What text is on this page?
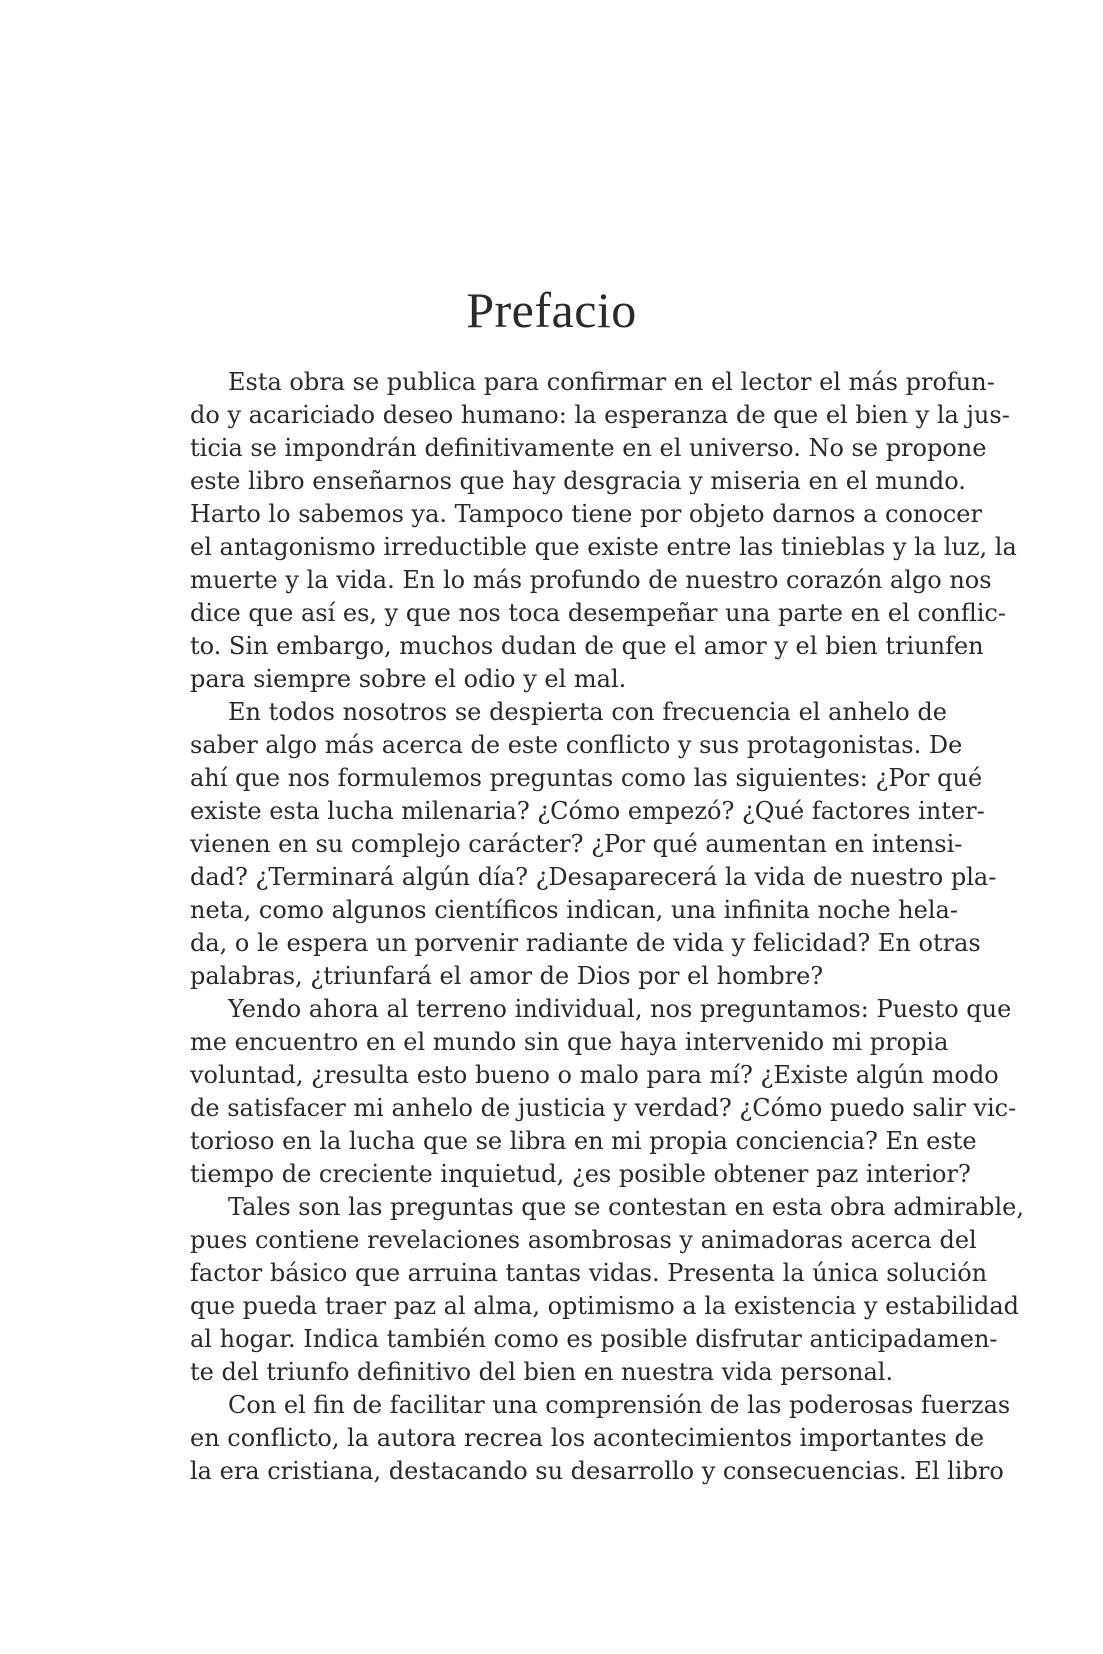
Prefacio
Esta obra se publica para confirmar en el lector el más profun-
do y acariciado deseo humano: la esperanza de que el bien y la jus-
ticia se impondrán definitivamente en el universo. No se propone
este libro enseñarnos que hay desgracia y miseria en el mundo.
Harto lo sabemos ya. Tampoco tiene por objeto darnos a conocer
el antagonismo irreductible que existe entre las tinieblas y la luz, la
muerte y la vida. En lo más profundo de nuestro corazón algo nos
dice que así es, y que nos toca desempeñar una parte en el conflic-
to. Sin embargo, muchos dudan de que el amor y el bien triunfen
para siempre sobre el odio y el mal.
En todos nosotros se despierta con frecuencia el anhelo de
saber algo más acerca de este conflicto y sus protagonistas. De
ahí que nos formulemos preguntas como las siguientes: ¿Por qué
existe esta lucha milenaria? ¿Cómo empezó? ¿Qué factores inter-
vienen en su complejo carácter? ¿Por qué aumentan en intensi-
dad? ¿Terminará algún día? ¿Desaparecerá la vida de nuestro pla-
neta, como algunos científicos indican, una infinita noche hela-
da, o le espera un porvenir radiante de vida y felicidad? En otras
palabras, ¿triunfará el amor de Dios por el hombre?
Yendo ahora al terreno individual, nos preguntamos: Puesto que
me encuentro en el mundo sin que haya intervenido mi propia
voluntad, ¿resulta esto bueno o malo para mí? ¿Existe algún modo
de satisfacer mi anhelo de justicia y verdad? ¿Cómo puedo salir vic-
torioso en la lucha que se libra en mi propia conciencia? En este
tiempo de creciente inquietud, ¿es posible obtener paz interior?
Tales son las preguntas que se contestan en esta obra admirable,
pues contiene revelaciones asombrosas y animadoras acerca del
factor básico que arruina tantas vidas. Presenta la única solución
que pueda traer paz al alma, optimismo a la existencia y estabilidad
al hogar. Indica también como es posible disfrutar anticipadamen-
te del triunfo definitivo del bien en nuestra vida personal.
Con el fin de facilitar una comprensión de las poderosas fuerzas
en conflicto, la autora recrea los acontecimientos importantes de
la era cristiana, destacando su desarrollo y consecuencias. El libro
